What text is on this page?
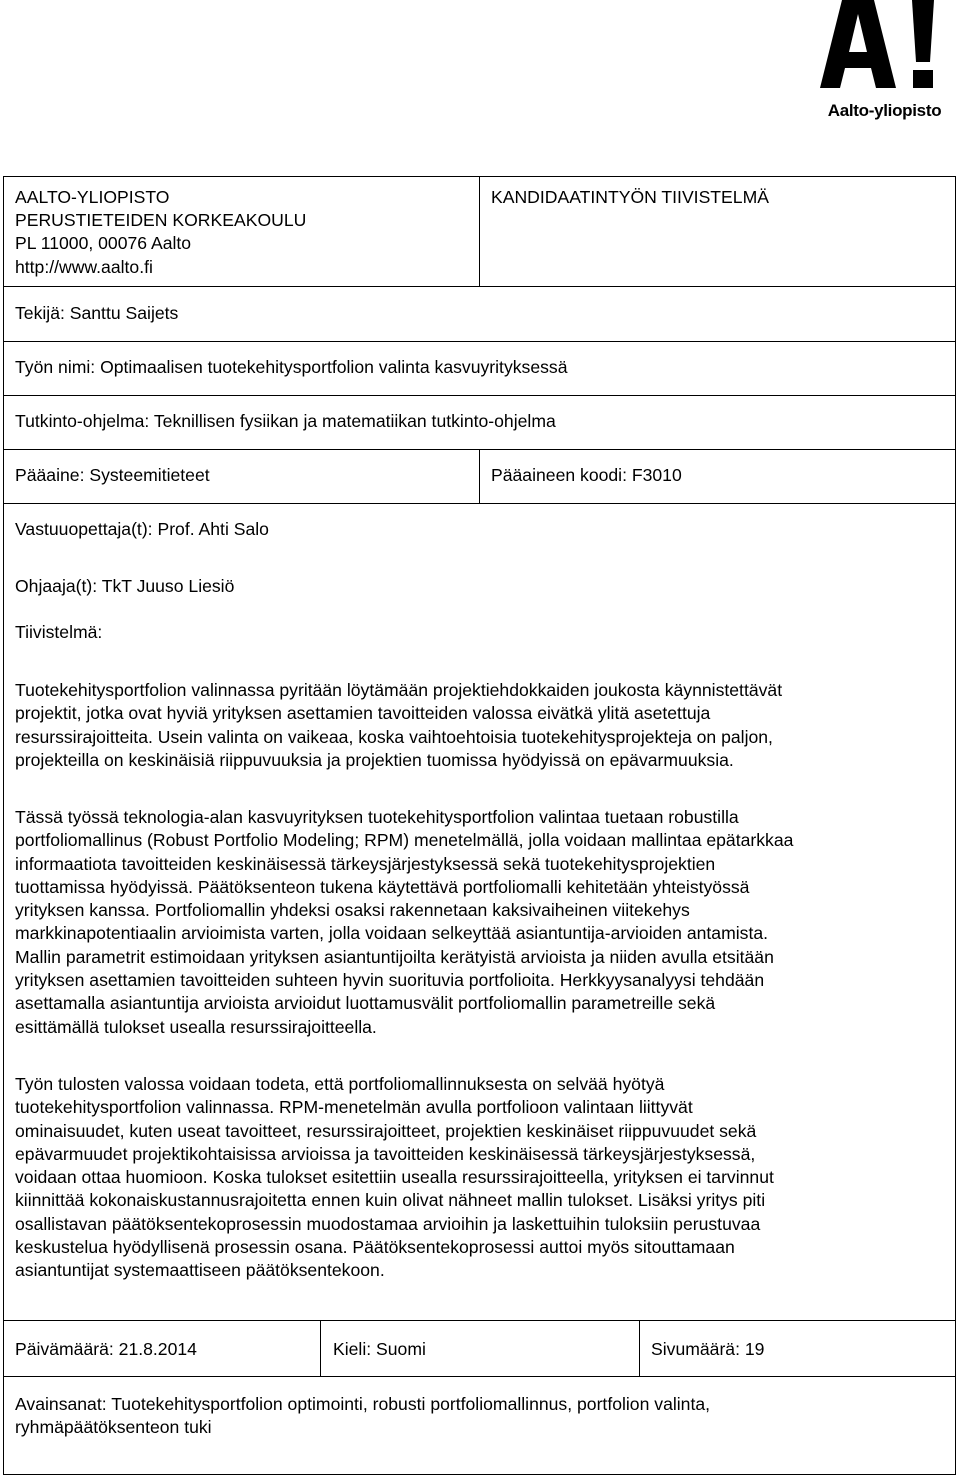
Aalto-yliopisto
AALTO-YLIOPISTO
PERUSTIETEIDEN KORKEAKOULU
PL 11000, 00076 Aalto
http://www.aalto.fi
KANDIDAATINTYÖN TIIVISTELMÄ
Tekijä: Santtu Saijets
Työn nimi: Optimaalisen tuotekehitysportfolion valinta kasvuyrityksessä
Tutkinto-ohjelma: Teknillisen fysiikan ja matematiikan tutkinto-ohjelma
Pääaine: Systeemitieteet	Pääaineen koodi: F3010
Vastuuopettaja(t): Prof. Ahti Salo
Ohjaaja(t): TkT Juuso Liesiö
Tiivistelmä:
Tuotekehitysportfolion valinnassa pyritään löytämään projektiehdokkaiden joukosta käynnistettävät
projektit, jotka ovat hyviä yrityksen asettamien tavoitteiden valossa eivätkä ylitä asetettuja
resurssirajoitteita. Usein valinta on vaikeaa, koska vaihtoehtoisia tuotekehitysprojekteja on paljon,
projekteilla on keskinäisiä riippuvuuksia ja projektien tuomissa hyödyissä on epävarmuuksia.
Tässä työssä teknologia-alan kasvuyrityksen tuotekehitysportfolion valintaa tuetaan robustilla
portfoliomallinus (Robust Portfolio Modeling; RPM) menetelmällä, jolla voidaan mallintaa epätarkkaa
informaatiota tavoitteiden keskinäisessä tärkeysjärjestyksessä sekä tuotekehitysprojektien
tuottamissa hyödyissä. Päätöksenteon tukena käytettävä portfoliomalli kehitetään yhteistyössä
yrityksen kanssa. Portfoliomallin yhdeksi osaksi rakennetaan kaksivaiheinen viitekehys
markkinapotentiaalin arvioimista varten, jolla voidaan selkeyttää asiantuntija-arvioiden antamista.
Mallin parametrit estimoidaan yrityksen asiantuntijoilta kerätyistä arvioista ja niiden avulla etsitään
yrityksen asettamien tavoitteiden suhteen hyvin suorituvia portfolioita. Herkkyysanalyysi tehdään
asettamalla asiantuntija arvioista arvioidut luottamusvälit portfoliomallin parametreille sekä
esittämällä tulokset usealla resurssirajoitteella.
Työn tulosten valossa voidaan todeta, että portfoliomallinnuksesta on selvää hyötyä
tuotekehitysportfolion valinnassa. RPM-menetelmän avulla portfolioon valintaan liittyvät
ominaisuudet, kuten useat tavoitteet, resurssirajoitteet, projektien keskinäiset riippuvuudet sekä
epävarmuudet projektikohtaisissa arvioissa ja tavoitteiden keskinäisessä tärkeysjärjestyksessä,
voidaan ottaa huomioon. Koska tulokset esitettiin usealla resurssirajoitteella, yrityksen ei tarvinnut
kiinnittää kokonaiskustannusrajoitetta ennen kuin olivat nähneet mallin tulokset. Lisäksi yritys piti
osallistavan päätöksentekoprosessin muodostamaa arvioihin ja laskettuihin tuloksiin perustuvaa
keskustelua hyödyllisenä prosessin osana. Päätöksentekoprosessi auttoi myös sitouttamaan
asiantuntijat systemaattiseen päätöksentekoon.
Päivämäärä: 21.8.2014	Kieli: Suomi	Sivumäärä: 19
Avainsanat: Tuotekehitysportfolion optimointi, robusti portfoliomallinnus, portfolion valinta,
ryhmäpäätöksenteon tuki
